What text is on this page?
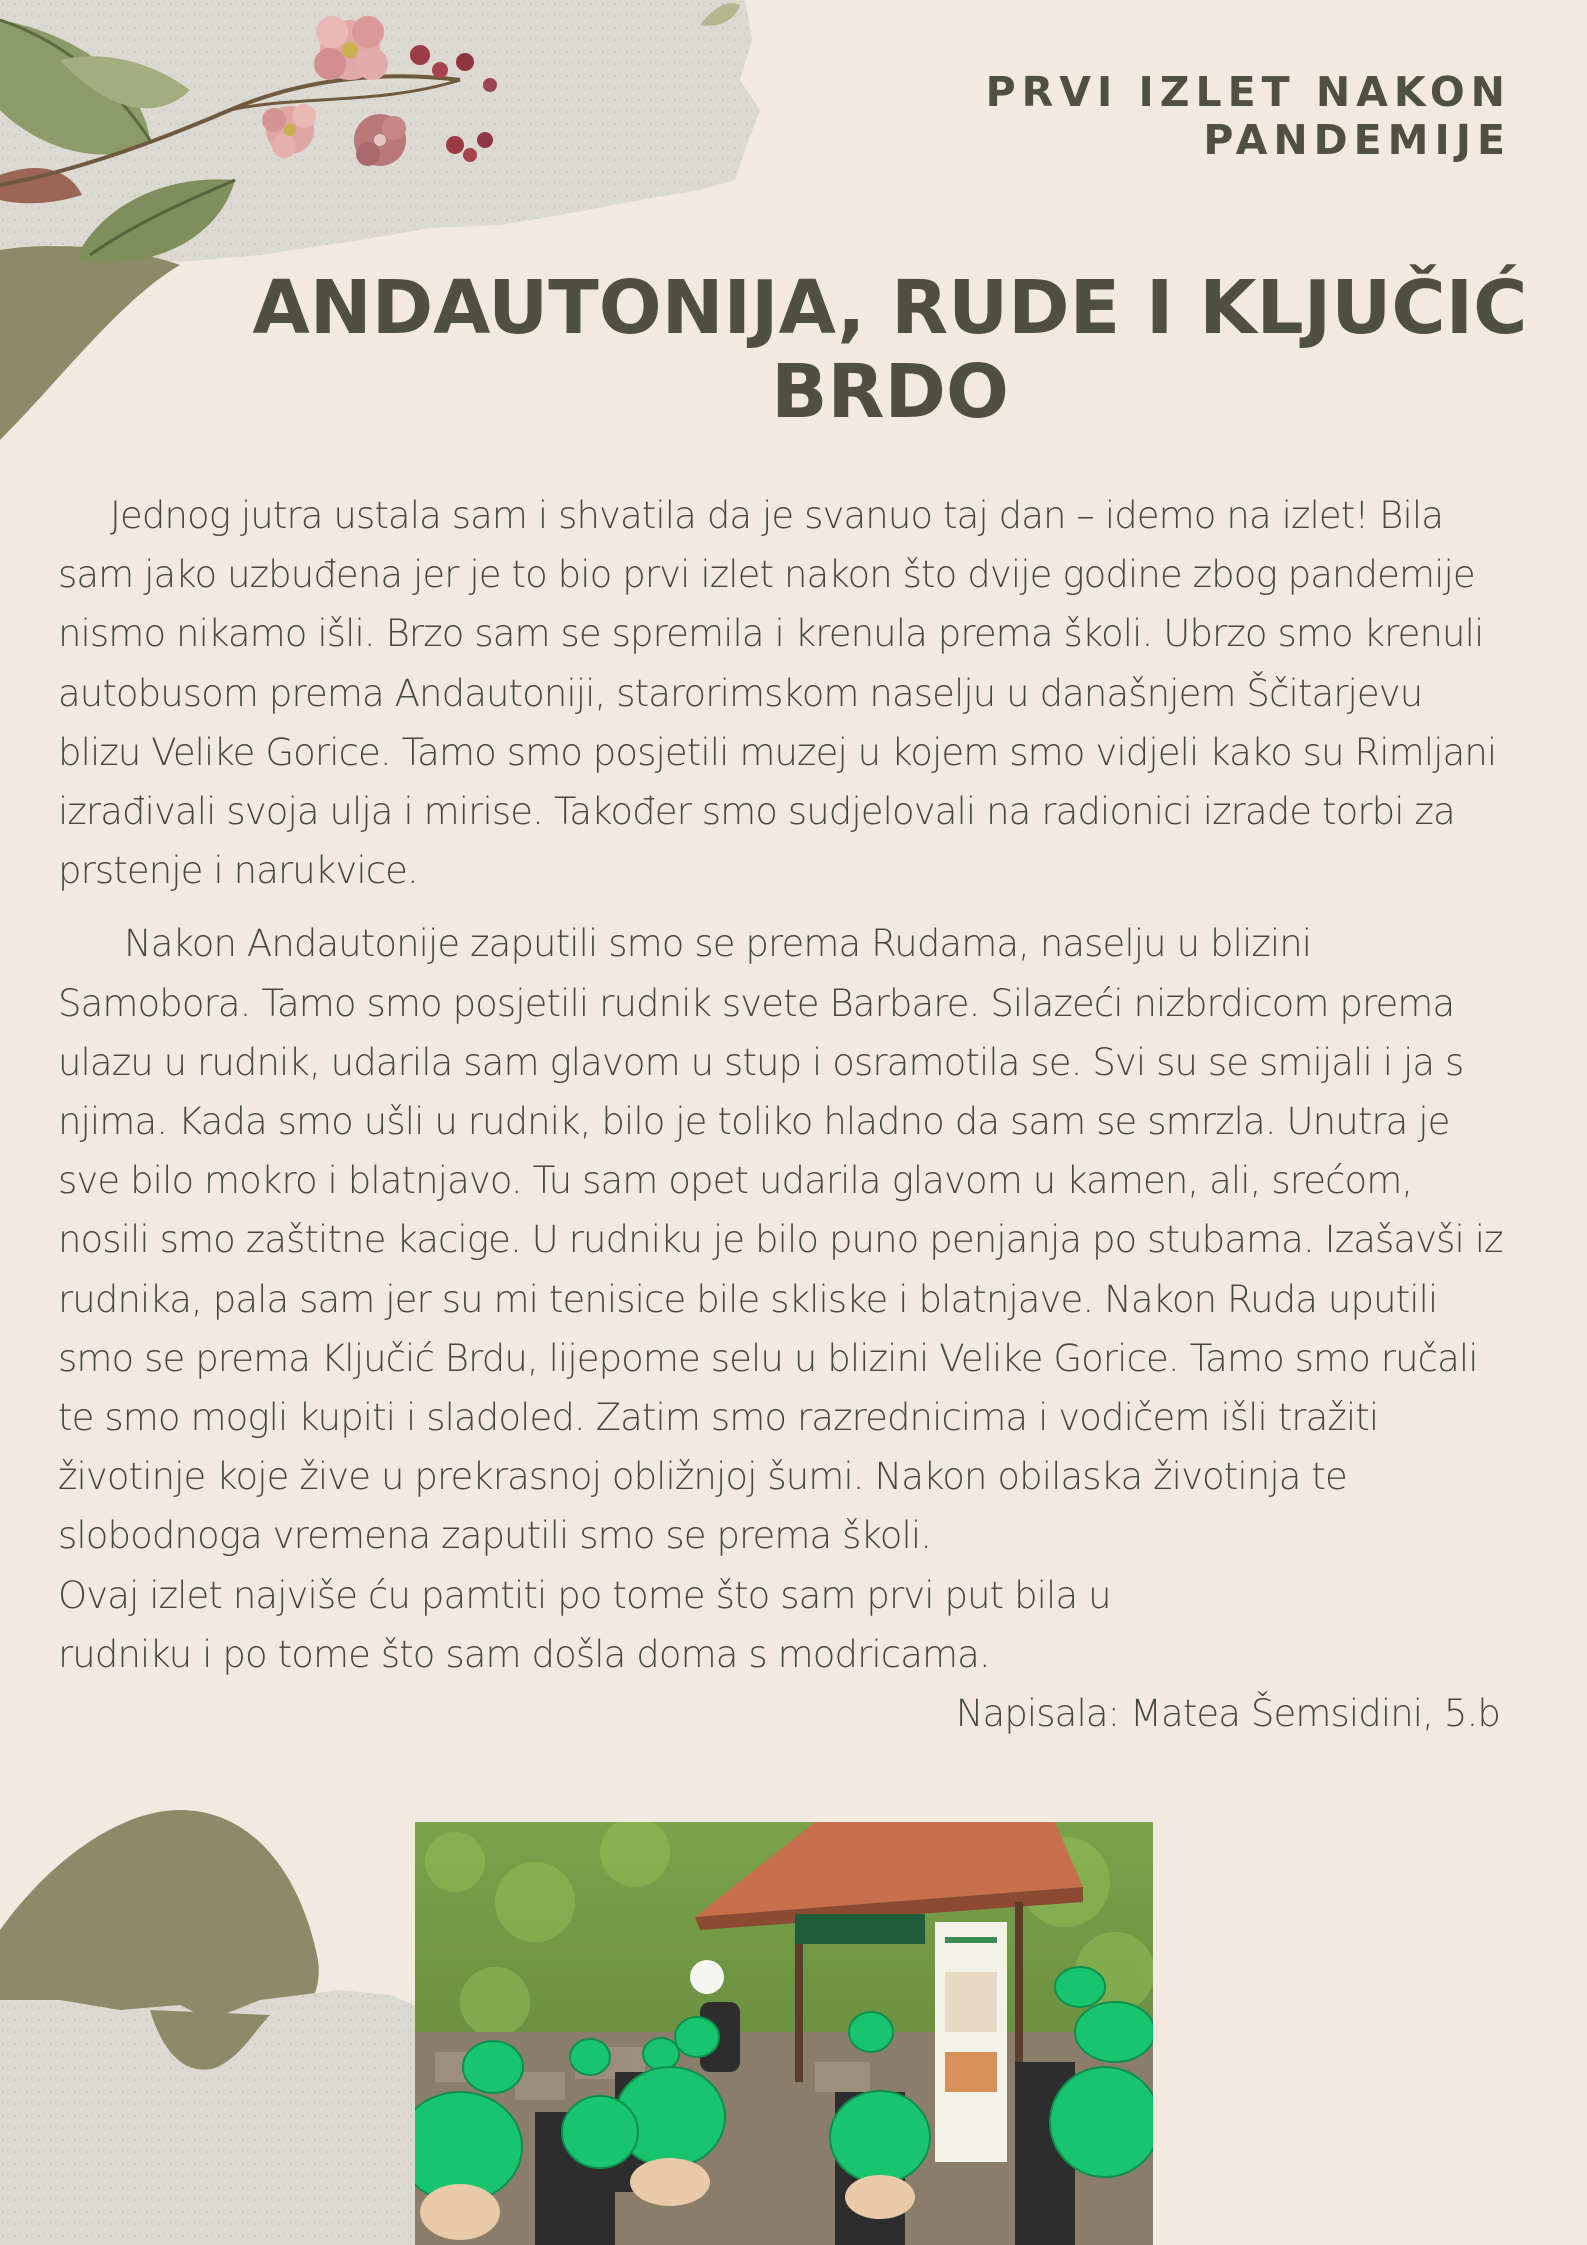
PRVI IZLET NAKON
PANDEMIJE
ANDAUTONIJA, RUDE I KLJUČIĆ
BRDO

Jednog jutra ustala sam i shvatila da je svanuo taj dan – idemo na izlet! Bila sam jako uzbuđena jer je to bio prvi izlet nakon što dvije godine zbog pandemije nismo nikamo išli. Brzo sam se spremila i krenula prema školi. Ubrzo smo krenuli autobusom prema Andautoniji, starorimskom naselju u današnjem Ščitarjevu blizu Velike Gorice. Tamo smo posjetili muzej u kojem smo vidjeli kako su Rimljani izrađivali svoja ulja i mirise. Također smo sudjelovali na radionici izrade torbi za prstenje i narukvice.

Nakon Andautonije zaputili smo se prema Rudama, naselju u blizini Samobora. Tamo smo posjetili rudnik svete Barbare. Silazeći nizbrdicom prema ulazu u rudnik, udarila sam glavom u stup i osramotila se. Svi su se smijali i ja s njima. Kada smo ušli u rudnik, bilo je toliko hladno da sam se smrzla. Unutra je sve bilo mokro i blatnjavo. Tu sam opet udarila glavom u kamen, ali, srećom, nosili smo zaštitne kacige. U rudniku je bilo puno penjanja po stubama. Izašavši iz rudnika, pala sam jer su mi tenisice bile skliske i blatnjave. Nakon Ruda uputili smo se prema Ključić Brdu, lijepome selu u blizini Velike Gorice. Tamo smo ručali te smo mogli kupiti i sladoled. Zatim smo razrednicima i vodičem išli tražiti životinje koje žive u prekrasnoj obližnjoj šumi. Nakon obilaska životinja te slobodnoga vremena zaputili smo se prema školi.

Ovaj izlet najviše ću pamtiti po tome što sam prvi put bila u

rudniku i po tome što sam došla doma s modricama.

Napisala: Matea Šemsidini, 5.b
